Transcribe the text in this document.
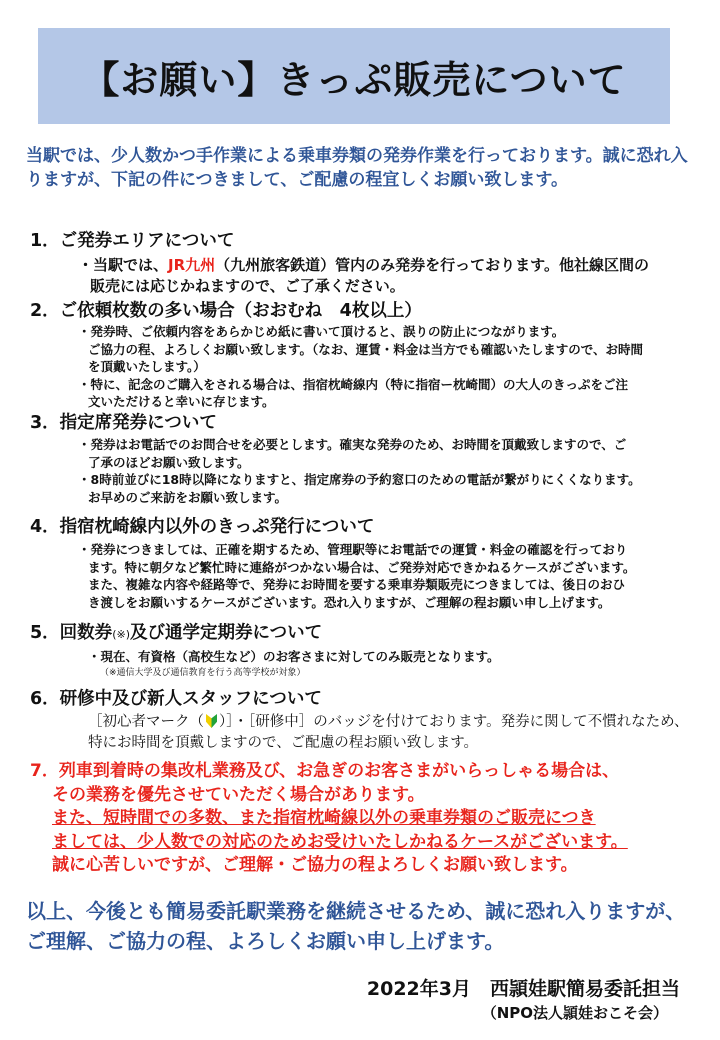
【お願い】きっぷ販売について
当駅では、少人数かつ手作業による乗車券類の発券作業を行っております。誠に恐れ入りますが、下記の件につきまして、ご配慮の程宜しくお願い致します。
1．ご発券エリアについて
・当駅では、JR九州（九州旅客鉄道）管内のみ発券を行っております。他社線区間の
販売には応じかねますので、ご了承ください。
2．ご依頼枚数の多い場合（おおむね　4枚以上）
・発券時、ご依頼内容をあらかじめ紙に書いて頂けると、誤りの防止につながります。
ご協力の程、よろしくお願い致します。（なお、運賃・料金は当方でも確認いたしますので、お時間
を頂戴いたします。）
・特に、記念のご購入をされる場合は、指宿枕崎線内（特に指宿ー枕崎間）の大人のきっぷをご注
文いただけると幸いに存じます。
3．指定席発券について
・発券はお電話でのお問合せを必要とします。確実な発券のため、お時間を頂戴致しますので、ご
了承のほどお願い致します。
・8時前並びに18時以降になりますと、指定席券の予約窓口のための電話が繋がりにくくなります。
お早めのご来訪をお願い致します。
4．指宿枕崎線内以外のきっぷ発行について
・発券につきましては、正確を期するため、管理駅等にお電話での運賃・料金の確認を行っており
ます。特に朝夕など繁忙時に連絡がつかない場合は、ご発券対応できかねるケースがございます。
また、複雑な内容や経路等で、発券にお時間を要する乗車券類販売につきましては、後日のおひ
き渡しをお願いするケースがございます。恐れ入りますが、ご理解の程お願い申し上げます。
5．回数券(※)及び通学定期券について
・現在、有資格（高校生など）のお客さまに対してのみ販売となります。
（※通信大学及び通信教育を行う高等学校が対象）
6．研修中及び新人スタッフについて
［初心者マーク（ ）］・［研修中］のバッジを付けております。発券に関して不慣れなため、
特にお時間を頂戴しますので、ご配慮の程お願い致します。
7．列車到着時の集改札業務及び、お急ぎのお客さまがいらっしゃる場合は、
その業務を優先させていただく場合があります。
また、短時間での多数、また指宿枕崎線以外の乗車券類のご販売につき
ましては、少人数での対応のためお受けいたしかねるケースがございます。
誠に心苦しいですが、ご理解・ご協力の程よろしくお願い致します。
以上、今後とも簡易委託駅業務を継続させるため、誠に恐れ入りますが、ご理解、ご協力の程、よろしくお願い申し上げます。
2022年3月　西頴娃駅簡易委託担当
（NPO法人頴娃おこそ会）
